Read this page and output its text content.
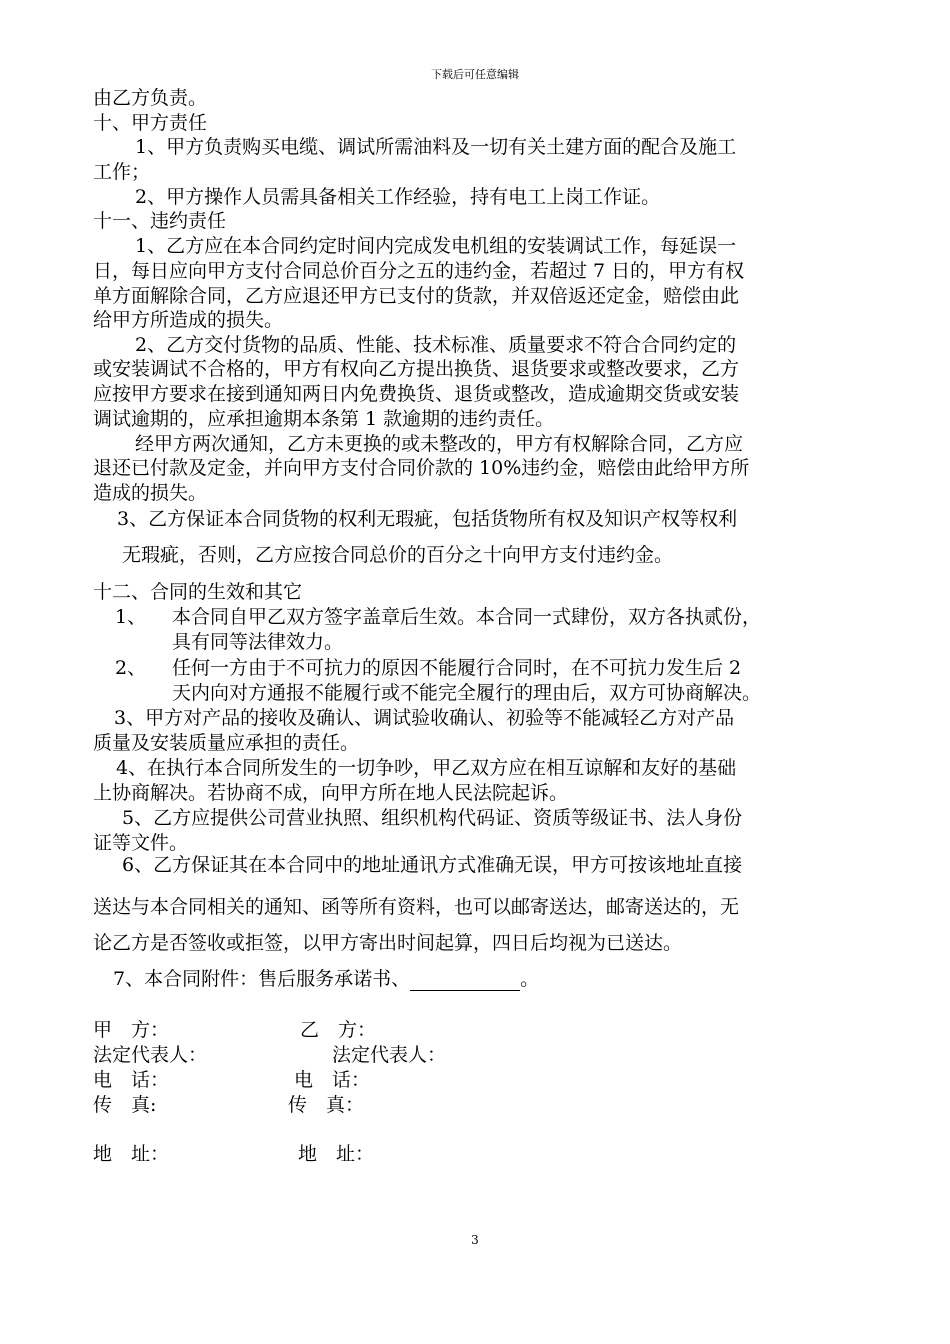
下载后可任意编辑
由乙方负责。
十、甲方责任
1、甲方负责购买电缆、调试所需油料及一切有关土建方面的配合及施工
工作；
2、甲方操作人员需具备相关工作经验，持有电工上岗工作证。
十一、违约责任
1、乙方应在本合同约定时间内完成发电机组的安装调试工作，每延误一
日，每日应向甲方支付合同总价百分之五的违约金，若超过 7 日的，甲方有权
单方面解除合同，乙方应退还甲方已支付的货款，并双倍返还定金，赔偿由此
给甲方所造成的损失。
2、乙方交付货物的品质、性能、技术标准、质量要求不符合合同约定的
或安装调试不合格的，甲方有权向乙方提出换货、退货要求或整改要求，乙方
应按甲方要求在接到通知两日内免费换货、退货或整改，造成逾期交货或安装
调试逾期的，应承担逾期本条第 1 款逾期的违约责任。
经甲方两次通知，乙方未更换的或未整改的，甲方有权解除合同，乙方应
退还已付款及定金，并向甲方支付合同价款的 10%违约金，赔偿由此给甲方所
造成的损失。
3、乙方保证本合同货物的权利无瑕疵，包括货物所有权及知识产权等权利
无瑕疵，否则，乙方应按合同总价的百分之十向甲方支付违约金。
十二、合同的生效和其它
1、 本合同自甲乙双方签字盖章后生效。本合同一式肆份，双方各执贰份，
具有同等法律效力。
2、 任何一方由于不可抗力的原因不能履行合同时，在不可抗力发生后 2
天内向对方通报不能履行或不能完全履行的理由后，双方可协商解决。
3、甲方对产品的接收及确认、调试验收确认、初验等不能减轻乙方对产品
质量及安装质量应承担的责任。
4、在执行本合同所发生的一切争吵，甲乙双方应在相互谅解和友好的基础
上协商解决。若协商不成，向甲方所在地人民法院起诉。
5、乙方应提供公司营业执照、组织机构代码证、资质等级证书、法人身份
证等文件。
6、乙方保证其在本合同中的地址通讯方式准确无误，甲方可按该地址直接
送达与本合同相关的通知、函等所有资料，也可以邮寄送达，邮寄送达的，无
论乙方是否签收或拒签，以甲方寄出时间起算，四日后均视为已送达。
7、本合同附件：售后服务承诺书、	。
甲　方：	乙　方：
法定代表人：	法定代表人：
电　话：	电　话：
传　真:	传　真：
地　址：	地　址：
3
